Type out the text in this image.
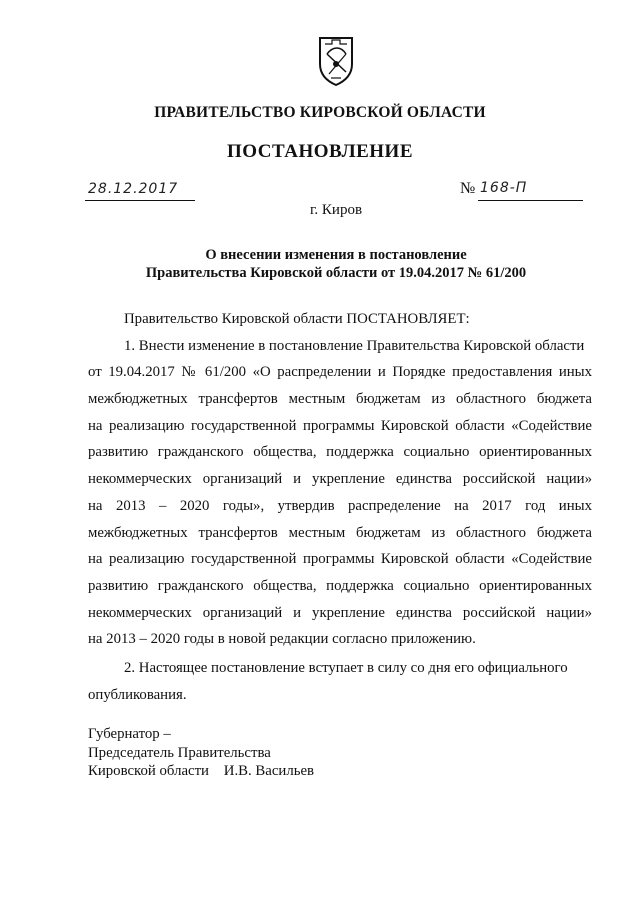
ПРАВИТЕЛЬСТВО КИРОВСКОЙ ОБЛАСТИ
ПОСТАНОВЛЕНИЕ
28.12.2017	№ 168-П
г. Киров
О внесении изменения в постановление
Правительства Кировской области от 19.04.2017 № 61/200
Правительство Кировской области ПОСТАНОВЛЯЕТ:
1. Внести изменение в постановление Правительства Кировской области
от 19.04.2017 № 61/200 «О распределении и Порядке предоставления иных
межбюджетных трансфертов местным бюджетам из областного бюджета
на реализацию государственной программы Кировской области «Содействие
развитию гражданского общества, поддержка социально ориентированных
некоммерческих организаций и укрепление единства российской нации»
на 2013 – 2020 годы», утвердив распределение на 2017 год иных
межбюджетных трансфертов местным бюджетам из областного бюджета
на реализацию государственной программы Кировской области «Содействие
развитию гражданского общества, поддержка социально ориентированных
некоммерческих организаций и укрепление единства российской нации»
на 2013 – 2020 годы в новой редакции согласно приложению.
2. Настоящее постановление вступает в силу со дня его официального
опубликования.
Губернатор –
Председатель Правительства
Кировской области    И.В. Васильев
